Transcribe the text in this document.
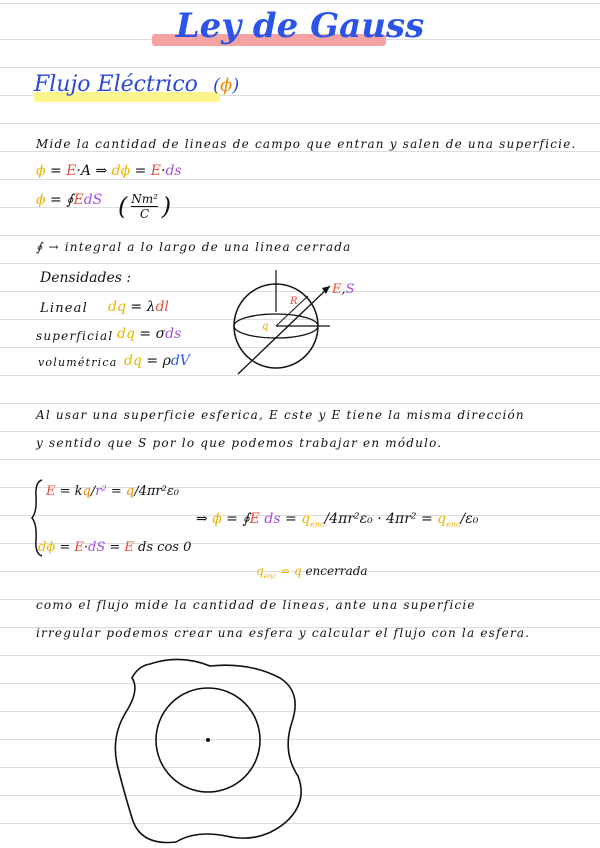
Ley de Gauss
Flujo Eléctrico (ϕ)
Mide la cantidad de lineas de campo que entran y salen de una superficie.
ϕ = E·A ⇒ dϕ = E·ds
ϕ = ∮EdS ( $\frac{\text{Nm²}}{C}$ )
∮ → integral a lo largo de una linea cerrada
Densidades :
Lineal dq = λdl
superficial dq = σds
volumétrica dq = ρdV
R
q
E,S
Al usar una superficie esferica, E cste y E tiene la misma dirección
y sentido que S por lo que podemos trabajar en módulo.
E = kq/r² = q/4πr²ε₀
dϕ = E·dS = E ds cos 0
⇒ ϕ = ∮E ds = $q_{enc}/4\pi r^2\varepsilon_0 \cdot 4\pi r^2 = q_{enc}/\varepsilon_0$
$q_{enc} = q$ encerrada
como el flujo mide la cantidad de lineas, ante una superficie
irregular podemos crear una esfera y calcular el flujo con la esfera.
